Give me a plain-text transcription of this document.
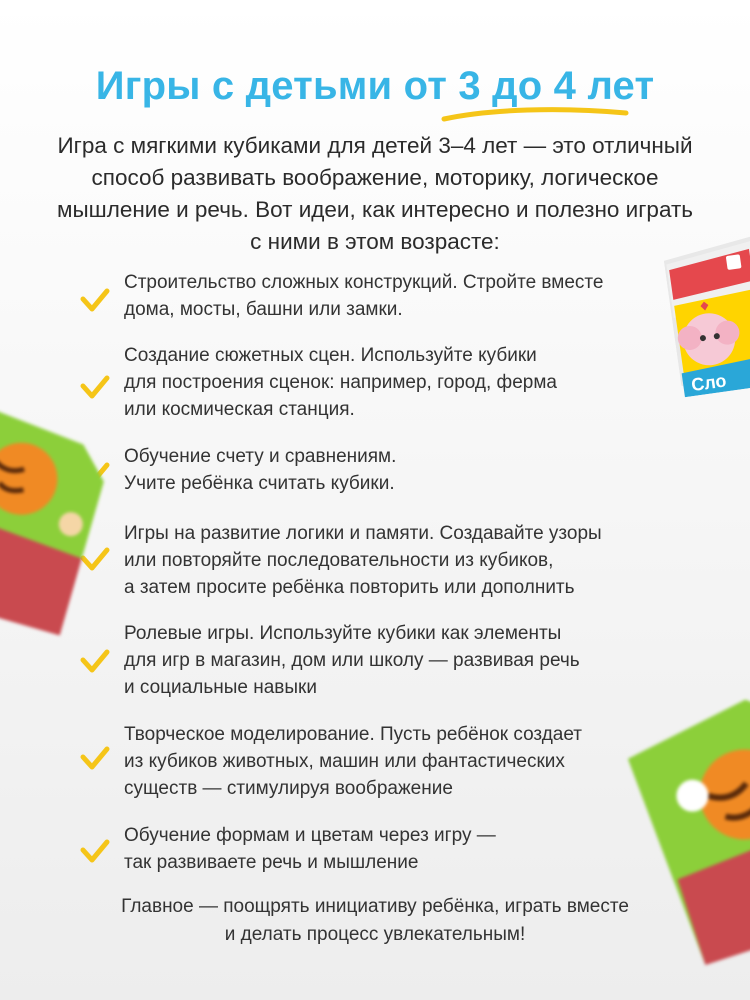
Игры с детьми от 3 до 4 лет

Игра с мягкими кубиками для детей 3–4 лет — это отличный способ развивать воображение, моторику, логическое мышление и речь. Вот идеи, как интересно и полезно играть с ними в этом возрасте:

Строительство сложных конструкций. Стройте вместе
дома, мосты, башни или замки.
Создание сюжетных сцен. Используйте кубики
для построения сценок: например, город, ферма
или космическая станция.
Обучение счету и сравнениям.
Учите ребёнка считать кубики.
Игры на развитие логики и памяти. Создавайте узоры
или повторяйте последовательности из кубиков,
а затем просите ребёнка повторить или дополнить
Ролевые игры. Используйте кубики как элементы
для игр в магазин, дом или школу — развивая речь
и социальные навыки
Творческое моделирование. Пусть ребёнок создает
из кубиков животных, машин или фантастических
существ — стимулируя воображение
Обучение формам и цветам через игру —
так развиваете речь и мышление
Главное — поощрять инициативу ребёнка, играть вместе
и делать процесс увлекательным!
Сло
